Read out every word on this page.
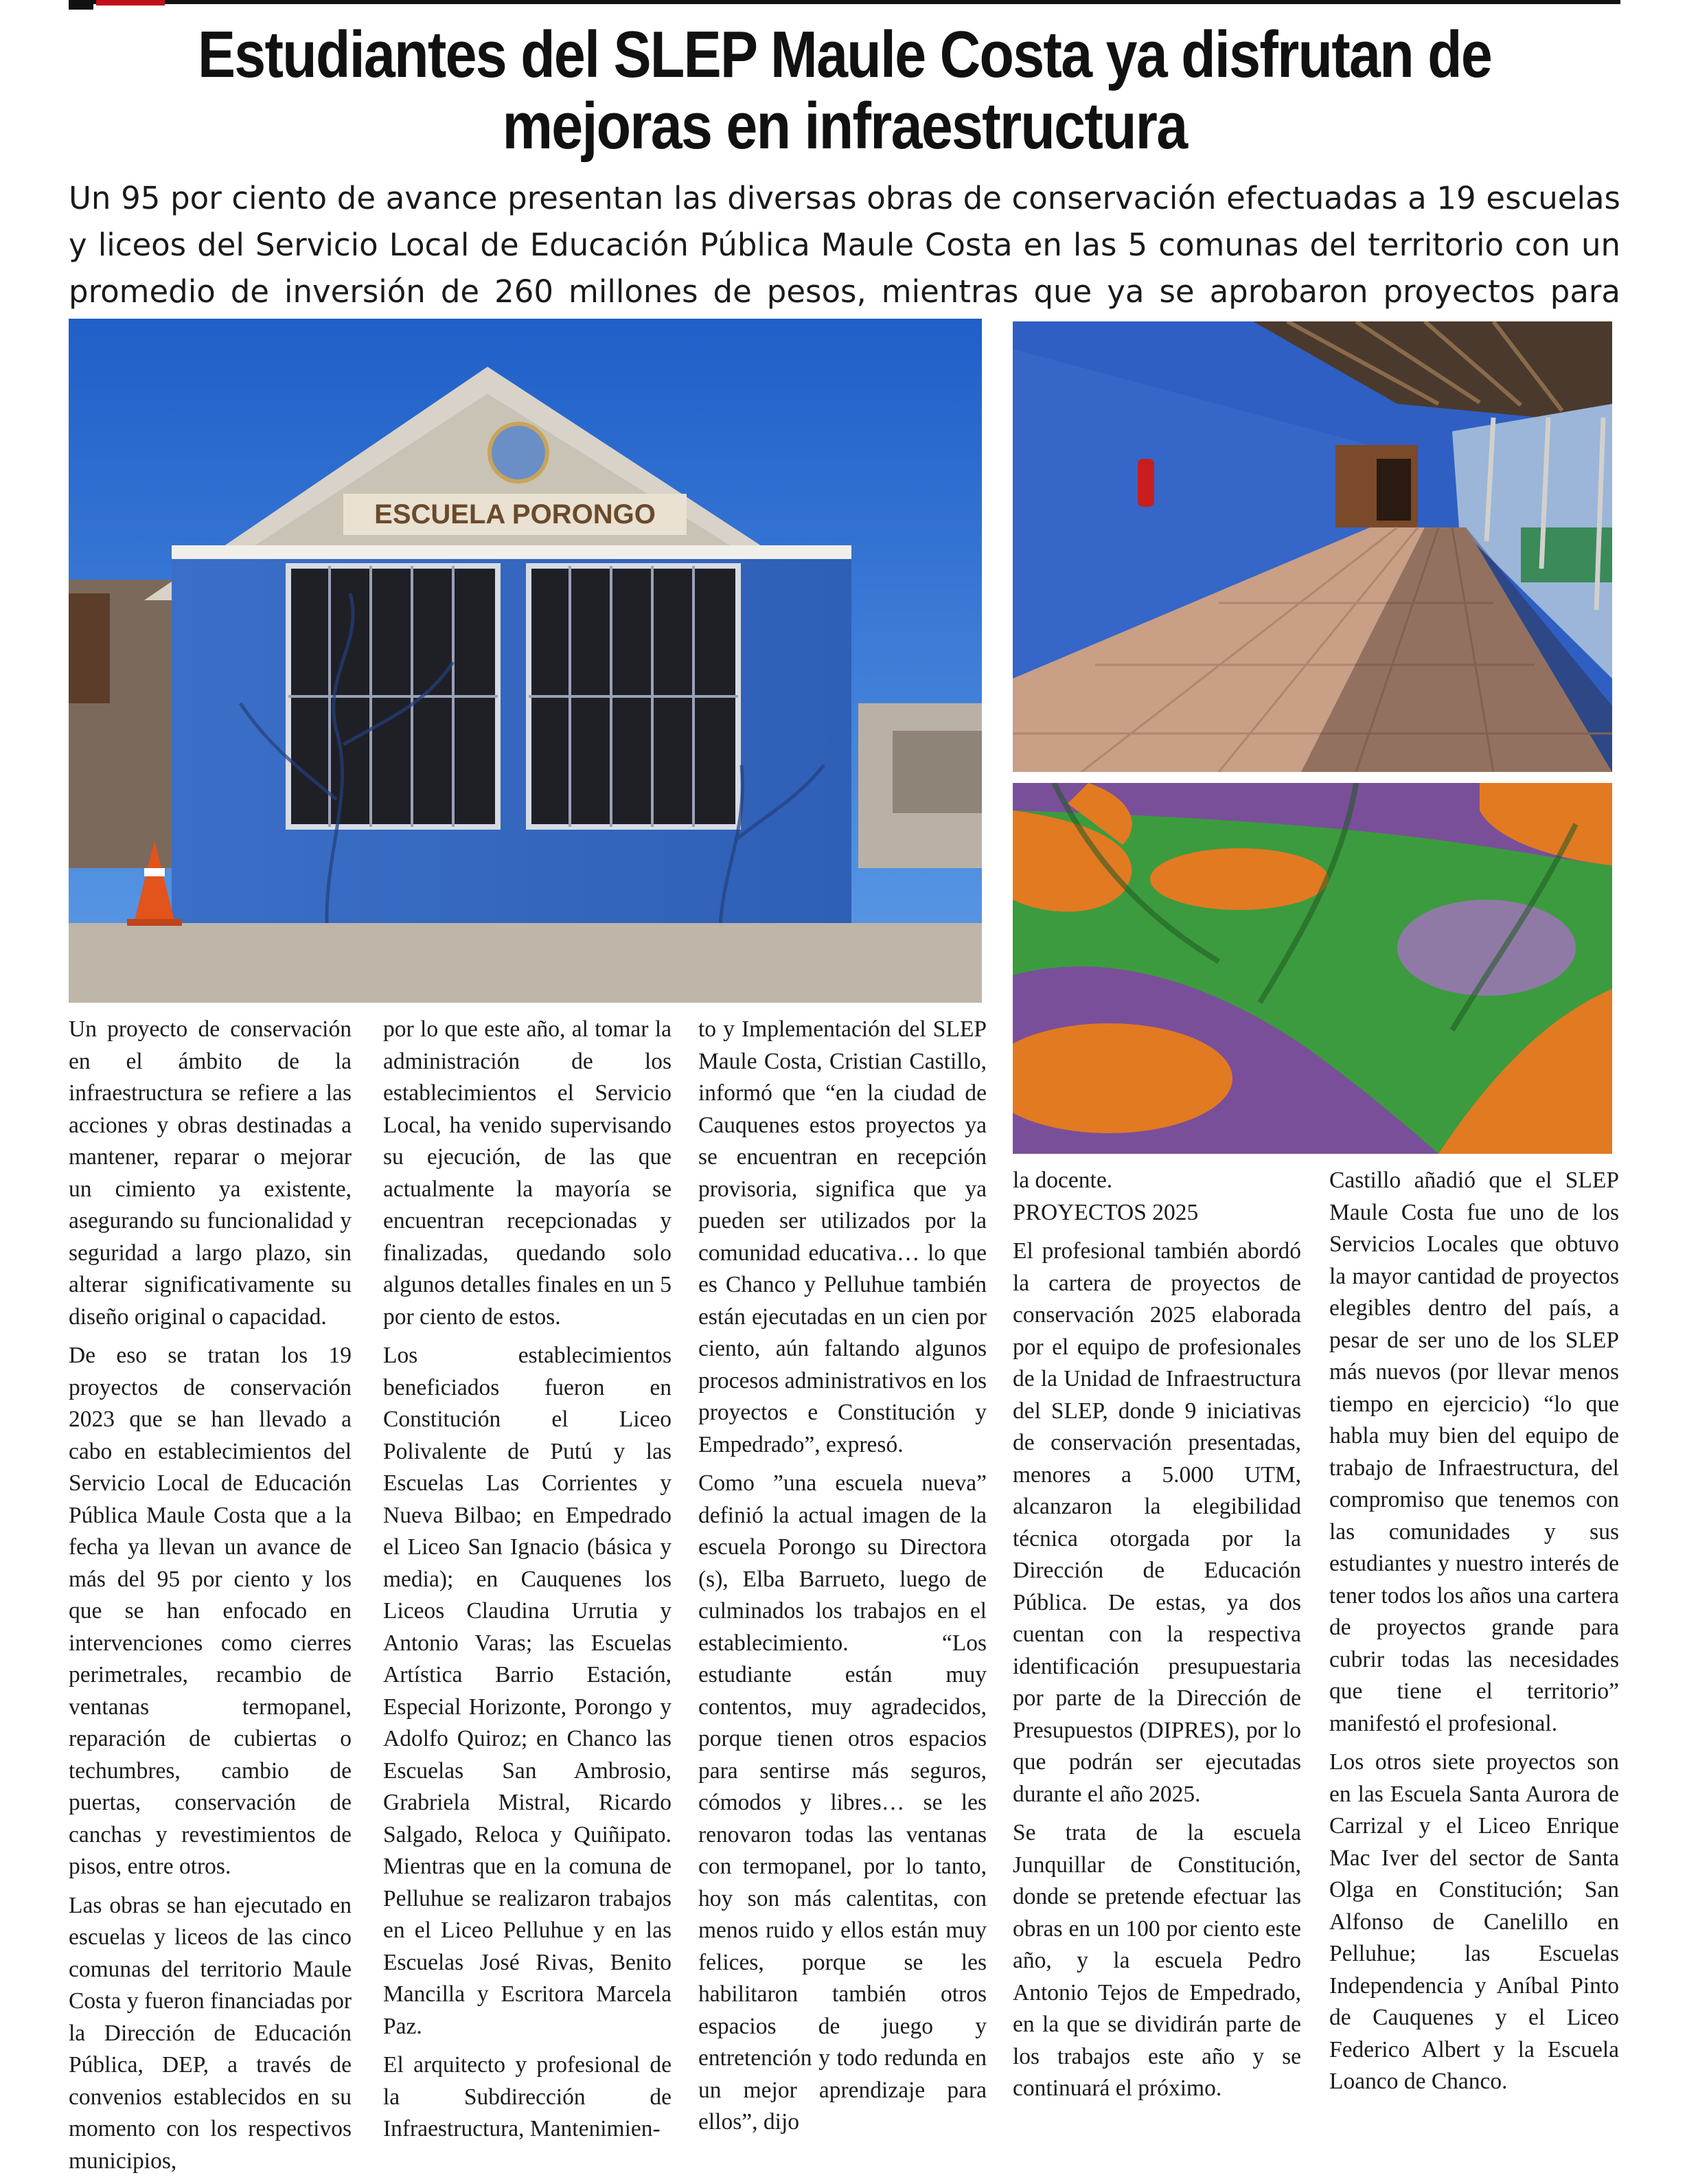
Estudiantes del SLEP Maule Costa ya disfrutan de mejoras en infraestructura

Un 95 por ciento de avance presentan las diversas obras de conservación efectuadas a 19 escuelas y liceos del Servicio Local de Educación Pública Maule Costa en las 5 comunas del territorio con un promedio de inversión de 260 millones de pesos, mientras que ya se aprobaron proyectos para

ESCUELA PORONGO

Un proyecto de conservación en el ámbito de la infraestructura se refiere a las acciones y obras destinadas a mantener, reparar o mejorar un cimiento ya existente, asegurando su funcionalidad y seguridad a largo plazo, sin alterar significativamente su diseño original o capacidad.

De eso se tratan los 19 proyectos de conservación 2023 que se han llevado a cabo en establecimientos del Servicio Local de Educación Pública Maule Costa que a la fecha ya llevan un avance de más del 95 por ciento y los que se han enfocado en intervenciones como cierres perimetrales, recambio de ventanas termopanel, reparación de cubiertas o techumbres, cambio de puertas, conservación de canchas y revestimientos de pisos, entre otros.

Las obras se han ejecutado en escuelas y liceos de las cinco comunas del territorio Maule Costa y fueron financiadas por la Dirección de Educación Pública, DEP, a través de convenios establecidos en su momento con los respectivos municipios,

por lo que este año, al tomar la administración de los establecimientos el Servicio Local, ha venido supervisando su ejecución, de las que actualmente la mayoría se encuentran recepcionadas y finalizadas, quedando solo algunos detalles finales en un 5 por ciento de estos.

Los establecimientos beneficiados fueron en Constitución el Liceo Polivalente de Putú y las Escuelas Las Corrientes y Nueva Bilbao; en Empedrado el Liceo San Ignacio (básica y media); en Cauquenes los Liceos Claudina Urrutia y Antonio Varas; las Escuelas Artística Barrio Estación, Especial Horizonte, Porongo y Adolfo Quiroz; en Chanco las Escuelas San Ambrosio, Grabriela Mistral, Ricardo Salgado, Reloca y Quiñipato. Mientras que en la comuna de Pelluhue se realizaron trabajos en el Liceo Pelluhue y en las Escuelas José Rivas, Benito Mancilla y Escritora Marcela Paz.

El arquitecto y profesional de la Subdirección de Infraestructura, Mantenimien-

to y Implementación del SLEP Maule Costa, Cristian Castillo, informó que “en la ciudad de Cauquenes estos proyectos ya se encuentran en recepción provisoria, significa que ya pueden ser utilizados por la comunidad educativa… lo que es Chanco y Pelluhue también están ejecutadas en un cien por ciento, aún faltando algunos procesos administrativos en los proyectos e Constitución y Empedrado”, expresó.

Como ”una escuela nueva” definió la actual imagen de la escuela Porongo su Directora (s), Elba Barrueto, luego de culminados los trabajos en el establecimiento. “Los estudiante están muy contentos, muy agradecidos, porque tienen otros espacios para sentirse más seguros, cómodos y libres… se les renovaron todas las ventanas con termopanel, por lo tanto, hoy son más calentitas, con menos ruido y ellos están muy felices, porque se les habilitaron también otros espacios de juego y entretención y todo redunda en un mejor aprendizaje para ellos”, dijo

la docente.

PROYECTOS 2025

El profesional también abordó la cartera de proyectos de conservación 2025 elaborada por el equipo de profesionales de la Unidad de Infraestructura del SLEP, donde 9 iniciativas de conservación presentadas, menores a 5.000 UTM, alcanzaron la elegibilidad técnica otorgada por la Dirección de Educación Pública. De estas, ya dos cuentan con la respectiva identificación presupuestaria por parte de la Dirección de Presupuestos (DIPRES), por lo que podrán ser ejecutadas durante el año 2025.

Se trata de la escuela Junquillar de Constitución, donde se pretende efectuar las obras en un 100 por ciento este año, y la escuela Pedro Antonio Tejos de Empedrado, en la que se dividirán parte de los trabajos este año y se continuará el próximo.

Castillo añadió que el SLEP Maule Costa fue uno de los Servicios Locales que obtuvo la mayor cantidad de proyectos elegibles dentro del país, a pesar de ser uno de los SLEP más nuevos (por llevar menos tiempo en ejercicio) “lo que habla muy bien del equipo de trabajo de Infraestructura, del compromiso que tenemos con las comunidades y sus estudiantes y nuestro interés de tener todos los años una cartera de proyectos grande para cubrir todas las necesidades que tiene el territorio” manifestó el profesional.

Los otros siete proyectos son en las Escuela Santa Aurora de Carrizal y el Liceo Enrique Mac Iver del sector de Santa Olga en Constitución; San Alfonso de Canelillo en Pelluhue; las Escuelas Independencia y Aníbal Pinto de Cauquenes y el Liceo Federico Albert y la Escuela Loanco de Chanco.
